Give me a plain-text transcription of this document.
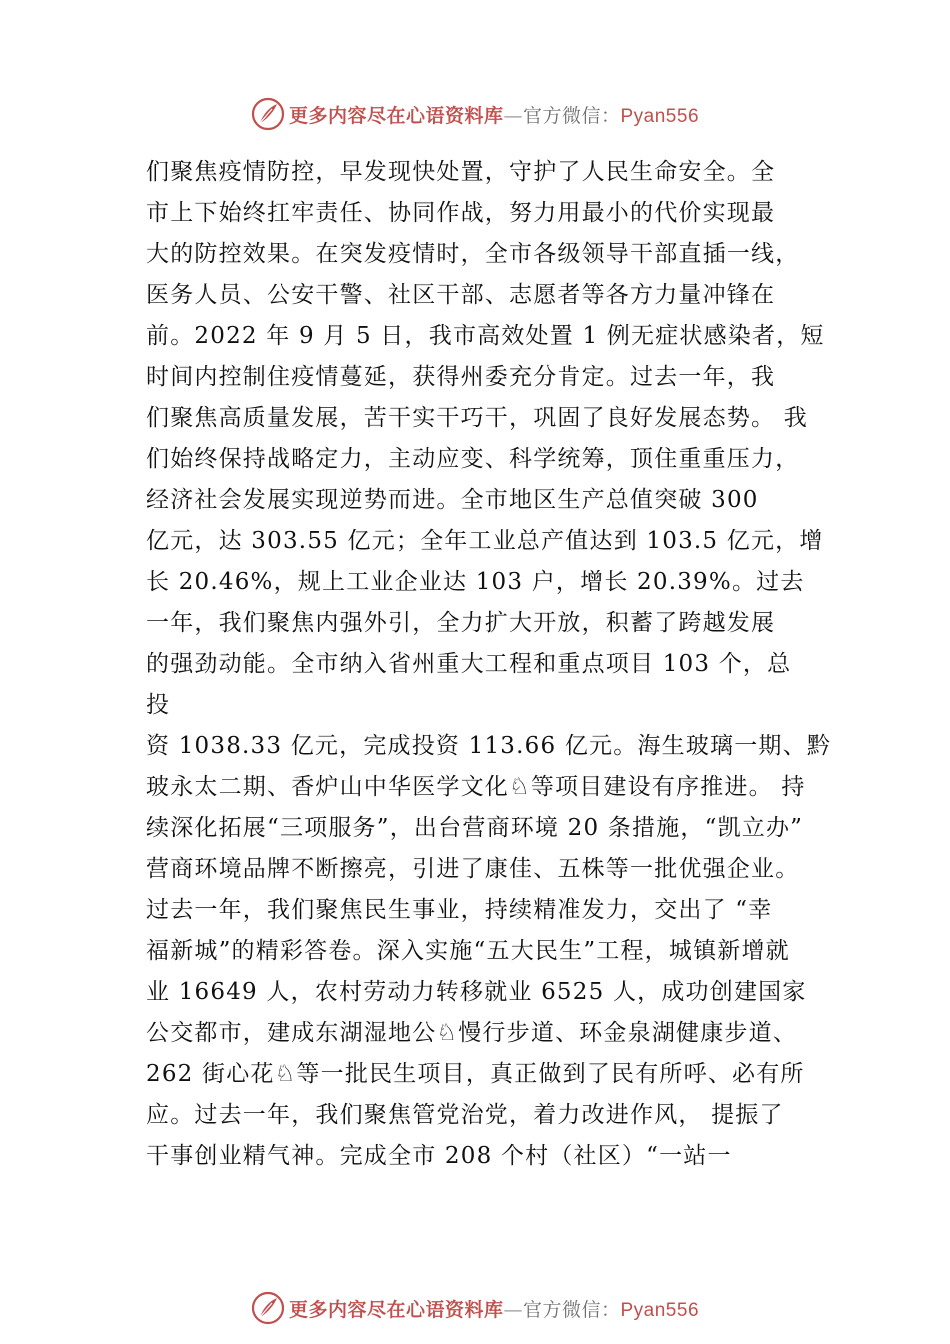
更多内容尽在心语资料库—官方微信：Pyan556
们聚焦疫情防控，早发现快处置，守护了人民生命安全。全
市上下始终扛牢责任、协同作战，努力用最小的代价实现最
大的防控效果。在突发疫情时，全市各级领导干部直插一线，
医务人员、公安干警、社区干部、志愿者等各方力量冲锋在
前。2022 年 9 月 5 日，我市高效处置 1 例无症状感染者，短
时间内控制住疫情蔓延，获得州委充分肯定。过去一年，我
们聚焦高质量发展，苦干实干巧干，巩固了良好发展态势。 我
们始终保持战略定力，主动应变、科学统筹，顶住重重压力，
经济社会发展实现逆势而进。全市地区生产总值突破 300
亿元，达 303.55 亿元；全年工业总产值达到 103.5 亿元，增
长 20.46%，规上工业企业达 103 户，增长 20.39%。过去
一年，我们聚焦内强外引，全力扩大开放，积蓄了跨越发展
的强劲动能。全市纳入省州重大工程和重点项目 103 个，总
投
资 1038.33 亿元，完成投资 113.66 亿元。海生玻璃一期、黔
玻永太二期、香炉山中华医学文化♘等项目建设有序推进。 持
续深化拓展“三项服务”，出台营商环境 20 条措施，“凯立办”
营商环境品牌不断擦亮，引进了康佳、五株等一批优强企业。
过去一年，我们聚焦民生事业，持续精准发力，交出了 “幸
福新城”的精彩答卷。深入实施“五大民生”工程，城镇新增就
业 16649 人，农村劳动力转移就业 6525 人，成功创建国家
公交都市，建成东湖湿地公♘慢行步道、环金泉湖健康步道、
262 街心花♘等一批民生项目，真正做到了民有所呼、必有所
应。过去一年，我们聚焦管党治党，着力改进作风， 提振了
干事创业精气神。完成全市 208 个村（社区）“一站一
更多内容尽在心语资料库—官方微信：Pyan556
